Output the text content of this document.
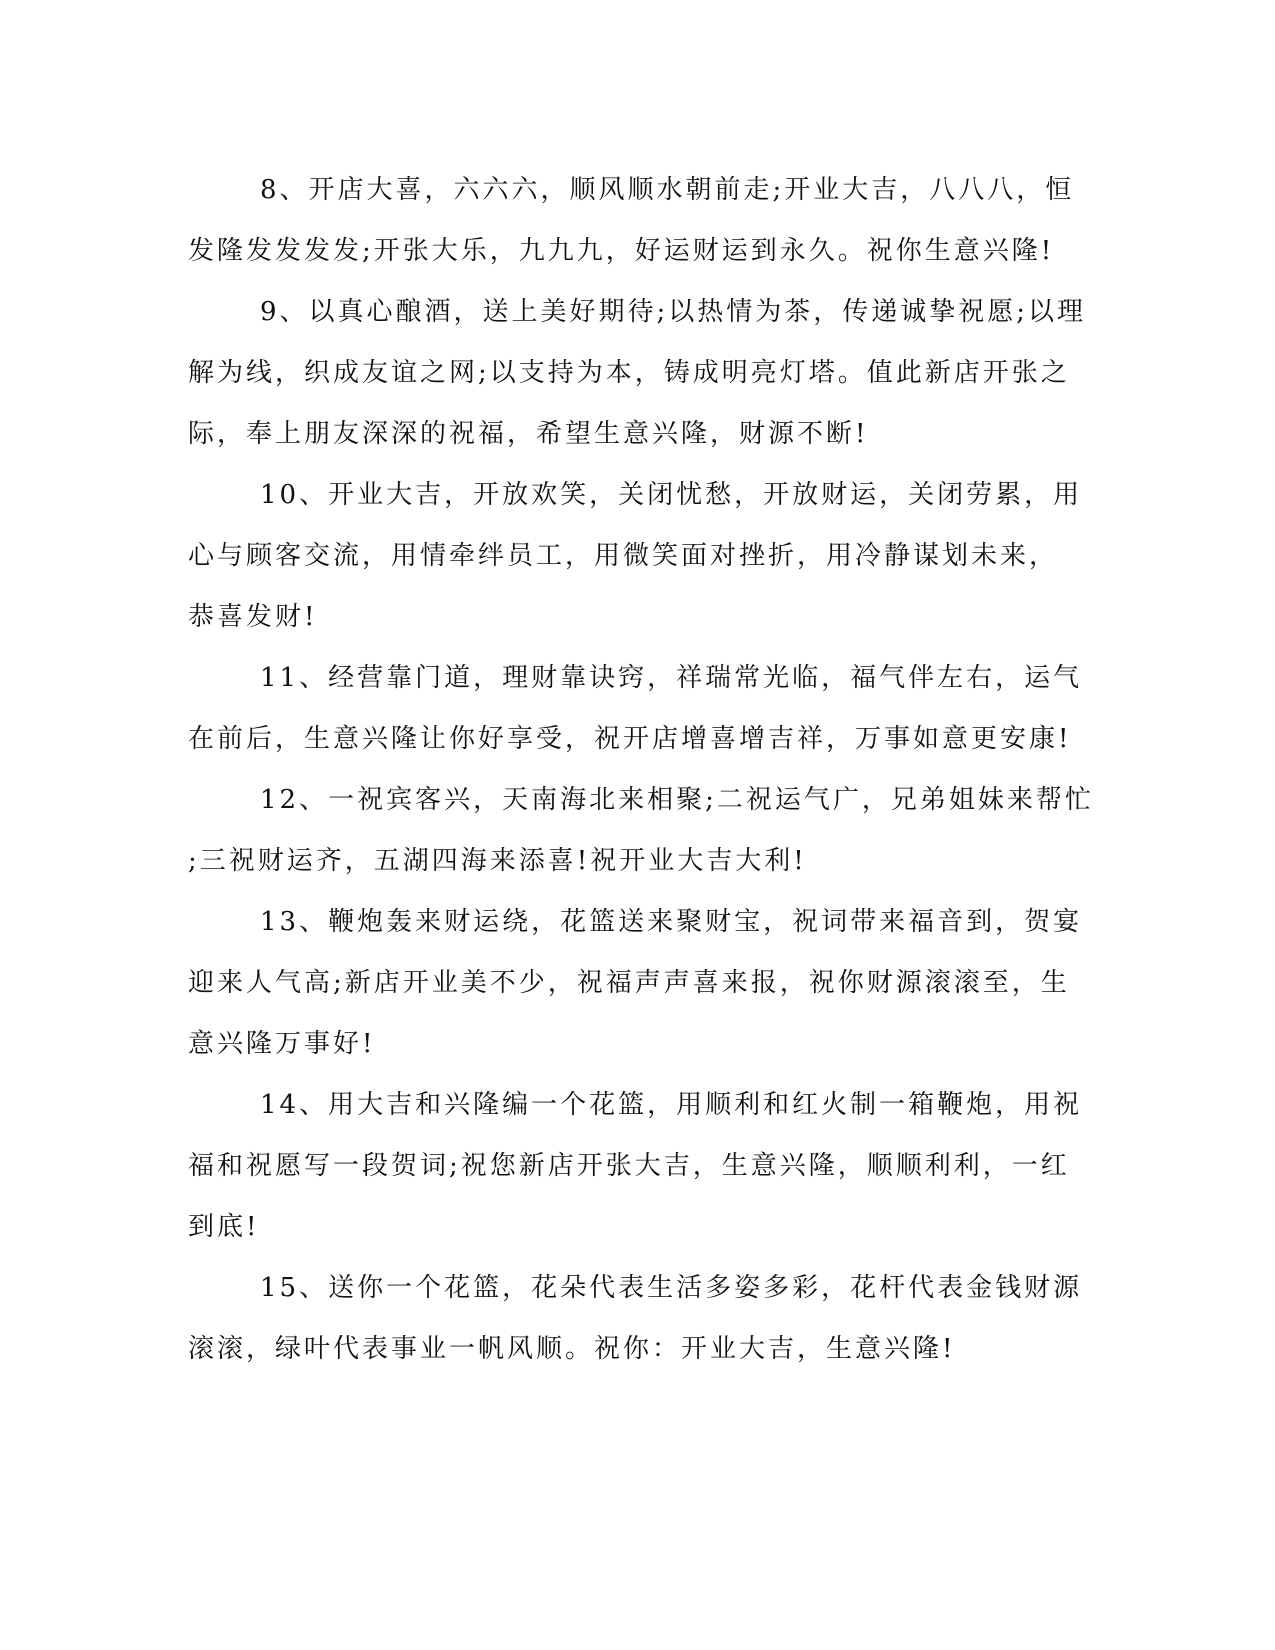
8、开店大喜，六六六，顺风顺水朝前走;开业大吉，八八八，恒
发隆发发发发;开张大乐，九九九，好运财运到永久。祝你生意兴隆!
9、以真心酿酒，送上美好期待;以热情为茶，传递诚挚祝愿;以理
解为线，织成友谊之网;以支持为本，铸成明亮灯塔。值此新店开张之
际，奉上朋友深深的祝福，希望生意兴隆，财源不断!
10、开业大吉，开放欢笑，关闭忧愁，开放财运，关闭劳累，用
心与顾客交流，用情牵绊员工，用微笑面对挫折，用冷静谋划未来，
恭喜发财!
11、经营靠门道，理财靠诀窍，祥瑞常光临，福气伴左右，运气
在前后，生意兴隆让你好享受，祝开店增喜增吉祥，万事如意更安康!
12、一祝宾客兴，天南海北来相聚;二祝运气广，兄弟姐妹来帮忙
;三祝财运齐，五湖四海来添喜!祝开业大吉大利!
13、鞭炮轰来财运绕，花篮送来聚财宝，祝词带来福音到，贺宴
迎来人气高;新店开业美不少，祝福声声喜来报，祝你财源滚滚至，生
意兴隆万事好!
14、用大吉和兴隆编一个花篮，用顺利和红火制一箱鞭炮，用祝
福和祝愿写一段贺词;祝您新店开张大吉，生意兴隆，顺顺利利，一红
到底!
15、送你一个花篮，花朵代表生活多姿多彩，花杆代表金钱财源
滚滚，绿叶代表事业一帆风顺。祝你：开业大吉，生意兴隆!
